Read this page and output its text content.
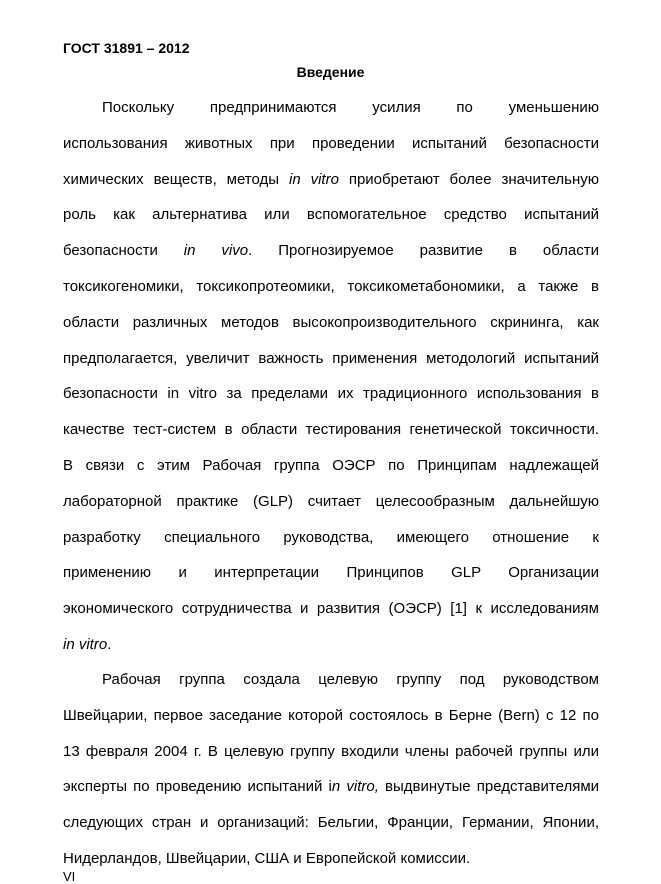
ГОСТ 31891 – 2012
Введение
Поскольку предпринимаются усилия по уменьшению
использования животных при проведении испытаний безопасности
химических веществ, методы in vitro приобретают более значительную
роль как альтернатива или вспомогательное средство испытаний
безопасности in vivo. Прогнозируемое развитие в области
токсикогеномики, токсикопротеомики, токсикометабономики, а также в
области различных методов высокопроизводительного скрининга, как
предполагается, увеличит важность применения методологий испытаний
безопасности in vitro за пределами их традиционного использования в
качестве тест-систем в области тестирования генетической токсичности.
В связи с этим Рабочая группа ОЭСР по Принципам надлежащей
лабораторной практике (GLP) считает целесообразным дальнейшую
разработку специального руководства, имеющего отношение к
применению и интерпретации Принципов GLP Организации
экономического сотрудничества и развития (ОЭСР) [1] к исследованиям
in vitro.
Рабочая группа создала целевую группу под руководством
Швейцарии, первое заседание которой состоялось в Берне (Bern) с 12 по
13 февраля 2004 г. В целевую группу входили члены рабочей группы или
эксперты по проведению испытаний in vitro, выдвинутые представителями
следующих стран и организаций: Бельгии, Франции, Германии, Японии,
Нидерландов, Швейцарии, США и Европейской комиссии.
VI
